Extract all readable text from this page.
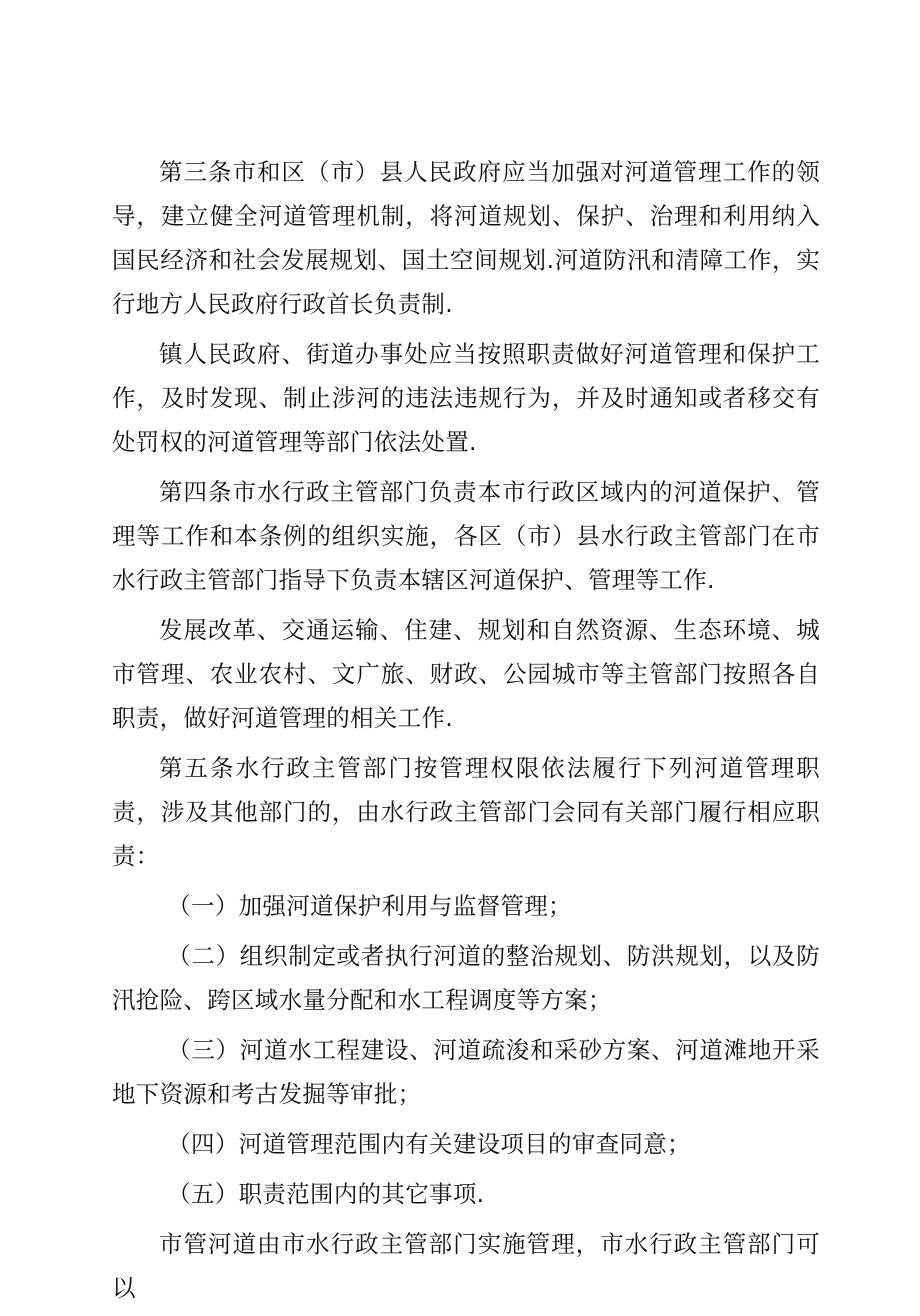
第三条市和区（市）县人民政府应当加强对河道管理工作的领导，建立健全河道管理机制，将河道规划、保护、治理和利用纳入国民经济和社会发展规划、国土空间规划.河道防汛和清障工作，实行地方人民政府行政首长负责制.

镇人民政府、街道办事处应当按照职责做好河道管理和保护工作，及时发现、制止涉河的违法违规行为，并及时通知或者移交有处罚权的河道管理等部门依法处置.

第四条市水行政主管部门负责本市行政区域内的河道保护、管理等工作和本条例的组织实施，各区（市）县水行政主管部门在市水行政主管部门指导下负责本辖区河道保护、管理等工作.

发展改革、交通运输、住建、规划和自然资源、生态环境、城市管理、农业农村、文广旅、财政、公园城市等主管部门按照各自职责，做好河道管理的相关工作.

第五条水行政主管部门按管理权限依法履行下列河道管理职责，涉及其他部门的，由水行政主管部门会同有关部门履行相应职责：

（一）加强河道保护利用与监督管理；

（二）组织制定或者执行河道的整治规划、防洪规划，以及防汛抢险、跨区域水量分配和水工程调度等方案；

（三）河道水工程建设、河道疏浚和采砂方案、河道滩地开采地下资源和考古发掘等审批；

（四）河道管理范围内有关建设项目的审查同意；

（五）职责范围内的其它事项.

市管河道由市水行政主管部门实施管理，市水行政主管部门可以
